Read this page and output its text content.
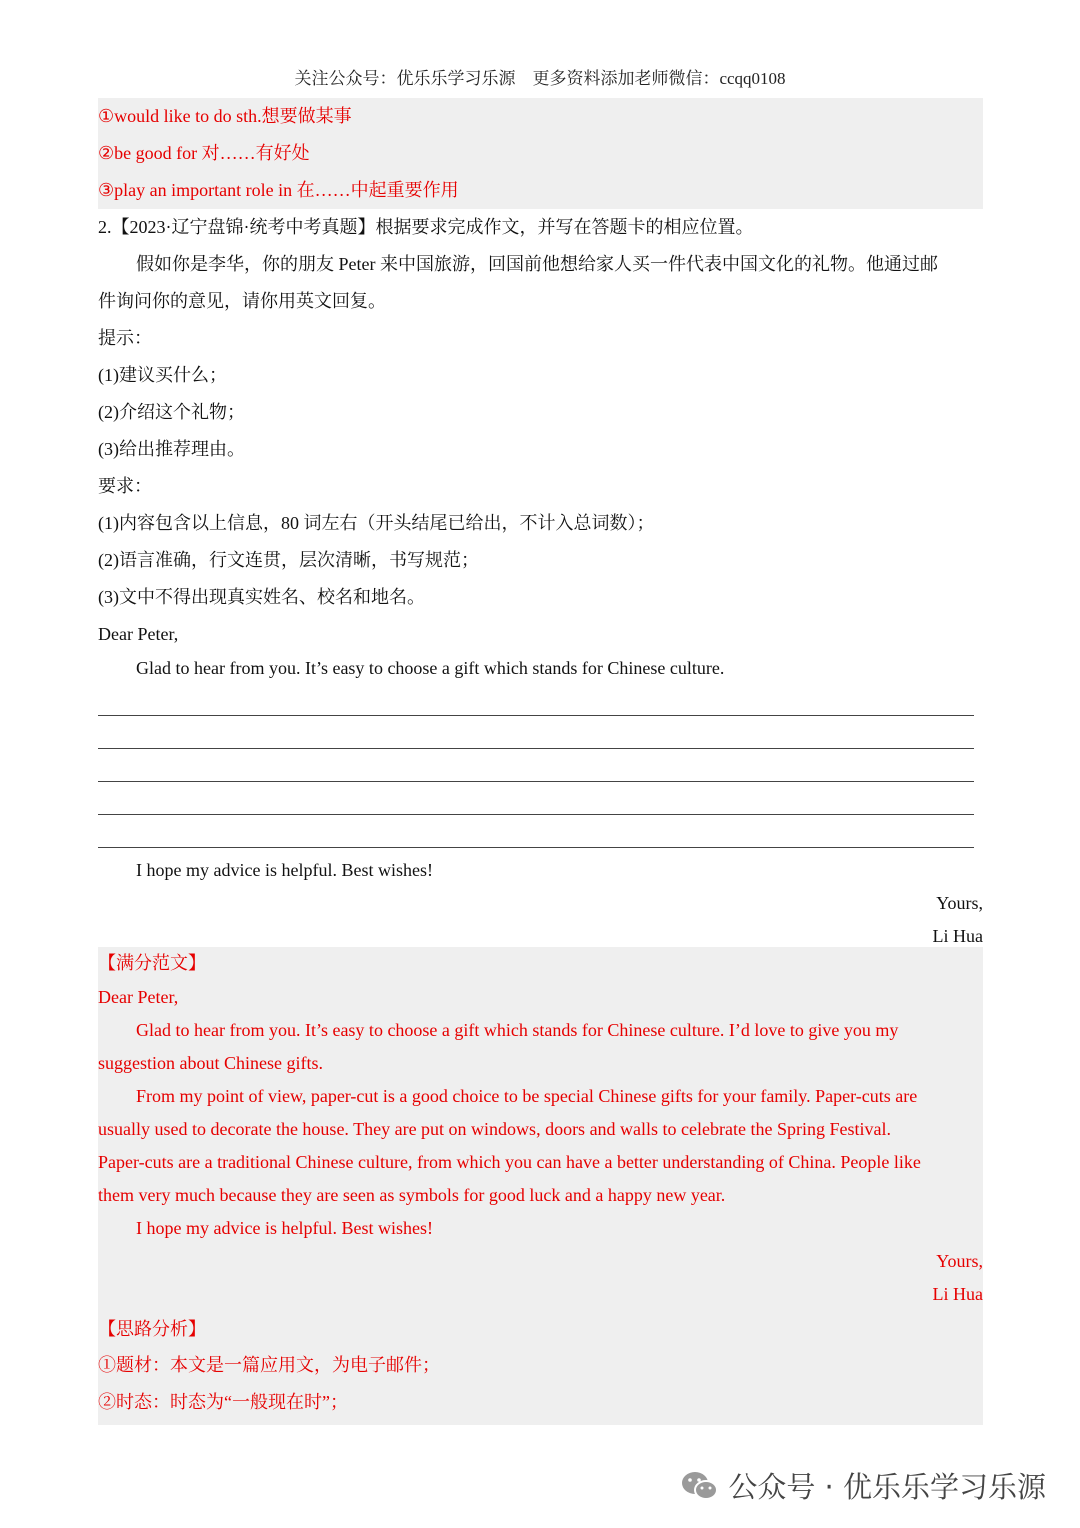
关注公众号：优乐乐学习乐源　更多资料添加老师微信：ccqq0108
①would like to do sth.想要做某事
②be good for 对……有好处
③play an important role in 在……中起重要作用
2.【2023·辽宁盘锦·统考中考真题】根据要求完成作文，并写在答题卡的相应位置。
假如你是李华，你的朋友 Peter 来中国旅游，回国前他想给家人买一件代表中国文化的礼物。他通过邮
件询问你的意见，请你用英文回复。
提示：
(1)建议买什么；
(2)介绍这个礼物；
(3)给出推荐理由。
要求：
(1)内容包含以上信息，80 词左右（开头结尾已给出，不计入总词数）；
(2)语言准确，行文连贯，层次清晰，书写规范；
(3)文中不得出现真实姓名、校名和地名。
Dear Peter,
Glad to hear from you. It’s easy to choose a gift which stands for Chinese culture.
I hope my advice is helpful. Best wishes!
Yours,
Li Hua
【满分范文】
Dear Peter,
Glad to hear from you. It’s easy to choose a gift which stands for Chinese culture. I’d love to give you my
suggestion about Chinese gifts.
From my point of view, paper-cut is a good choice to be special Chinese gifts for your family. Paper-cuts are
usually used to decorate the house. They are put on windows, doors and walls to celebrate the Spring Festival.
Paper-cuts are a traditional Chinese culture, from which you can have a better understanding of China. People like
them very much because they are seen as symbols for good luck and a happy new year.
I hope my advice is helpful. Best wishes!
Yours,
Li Hua
【思路分析】
①题材：本文是一篇应用文，为电子邮件；
②时态：时态为“一般现在时”；
公众号 · 优乐乐学习乐源
